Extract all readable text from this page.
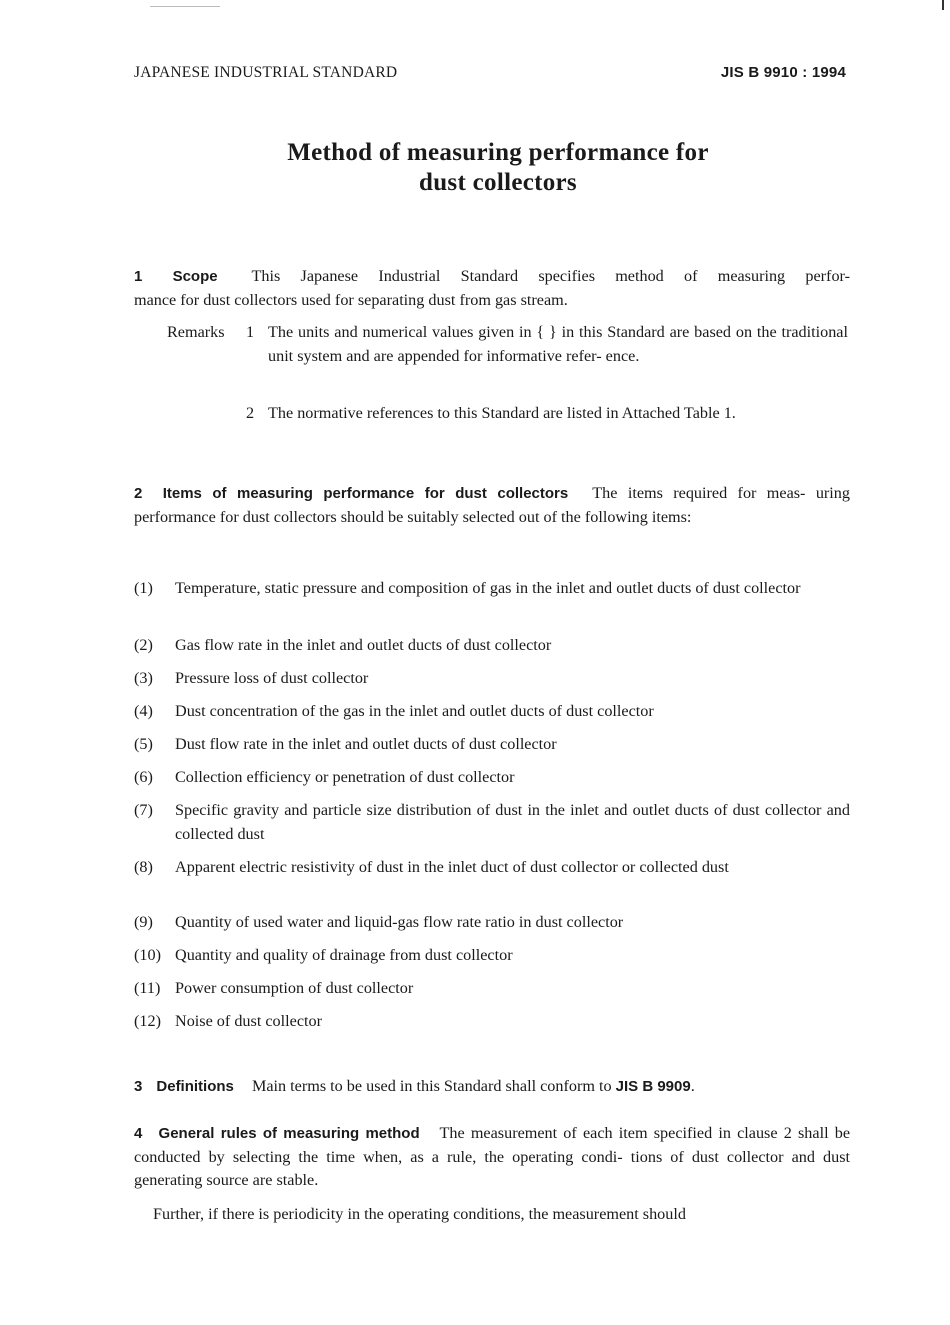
JAPANESE INDUSTRIAL STANDARD	JIS B 9910 : 1994
Method of measuring performance for
dust collectors
1 Scope This Japanese Industrial Standard specifies method of measuring perfor-
mance for dust collectors used for separating dust from gas stream.
Remarks 1 The units and numerical values given in { } in this Standard are based on the traditional unit system and are appended for informative refer- ence.
2 The normative references to this Standard are listed in Attached Table 1.
2 Items of measuring performance for dust collectors The items required for meas- uring performance for dust collectors should be suitably selected out of the following items:
(1) Temperature, static pressure and composition of gas in the inlet and outlet ducts of dust collector
(2) Gas flow rate in the inlet and outlet ducts of dust collector
(3) Pressure loss of dust collector
(4) Dust concentration of the gas in the inlet and outlet ducts of dust collector
(5) Dust flow rate in the inlet and outlet ducts of dust collector
(6) Collection efficiency or penetration of dust collector
(7) Specific gravity and particle size distribution of dust in the inlet and outlet ducts of dust collector and collected dust
(8) Apparent electric resistivity of dust in the inlet duct of dust collector or collected dust
(9) Quantity of used water and liquid-gas flow rate ratio in dust collector
(10) Quantity and quality of drainage from dust collector
(11) Power consumption of dust collector
(12) Noise of dust collector
3 Definitions Main terms to be used in this Standard shall conform to JIS B 9909.
4 General rules of measuring method The measurement of each item specified in clause 2 shall be conducted by selecting the time when, as a rule, the operating condi- tions of dust collector and dust generating source are stable.
Further, if there is periodicity in the operating conditions, the measurement should
